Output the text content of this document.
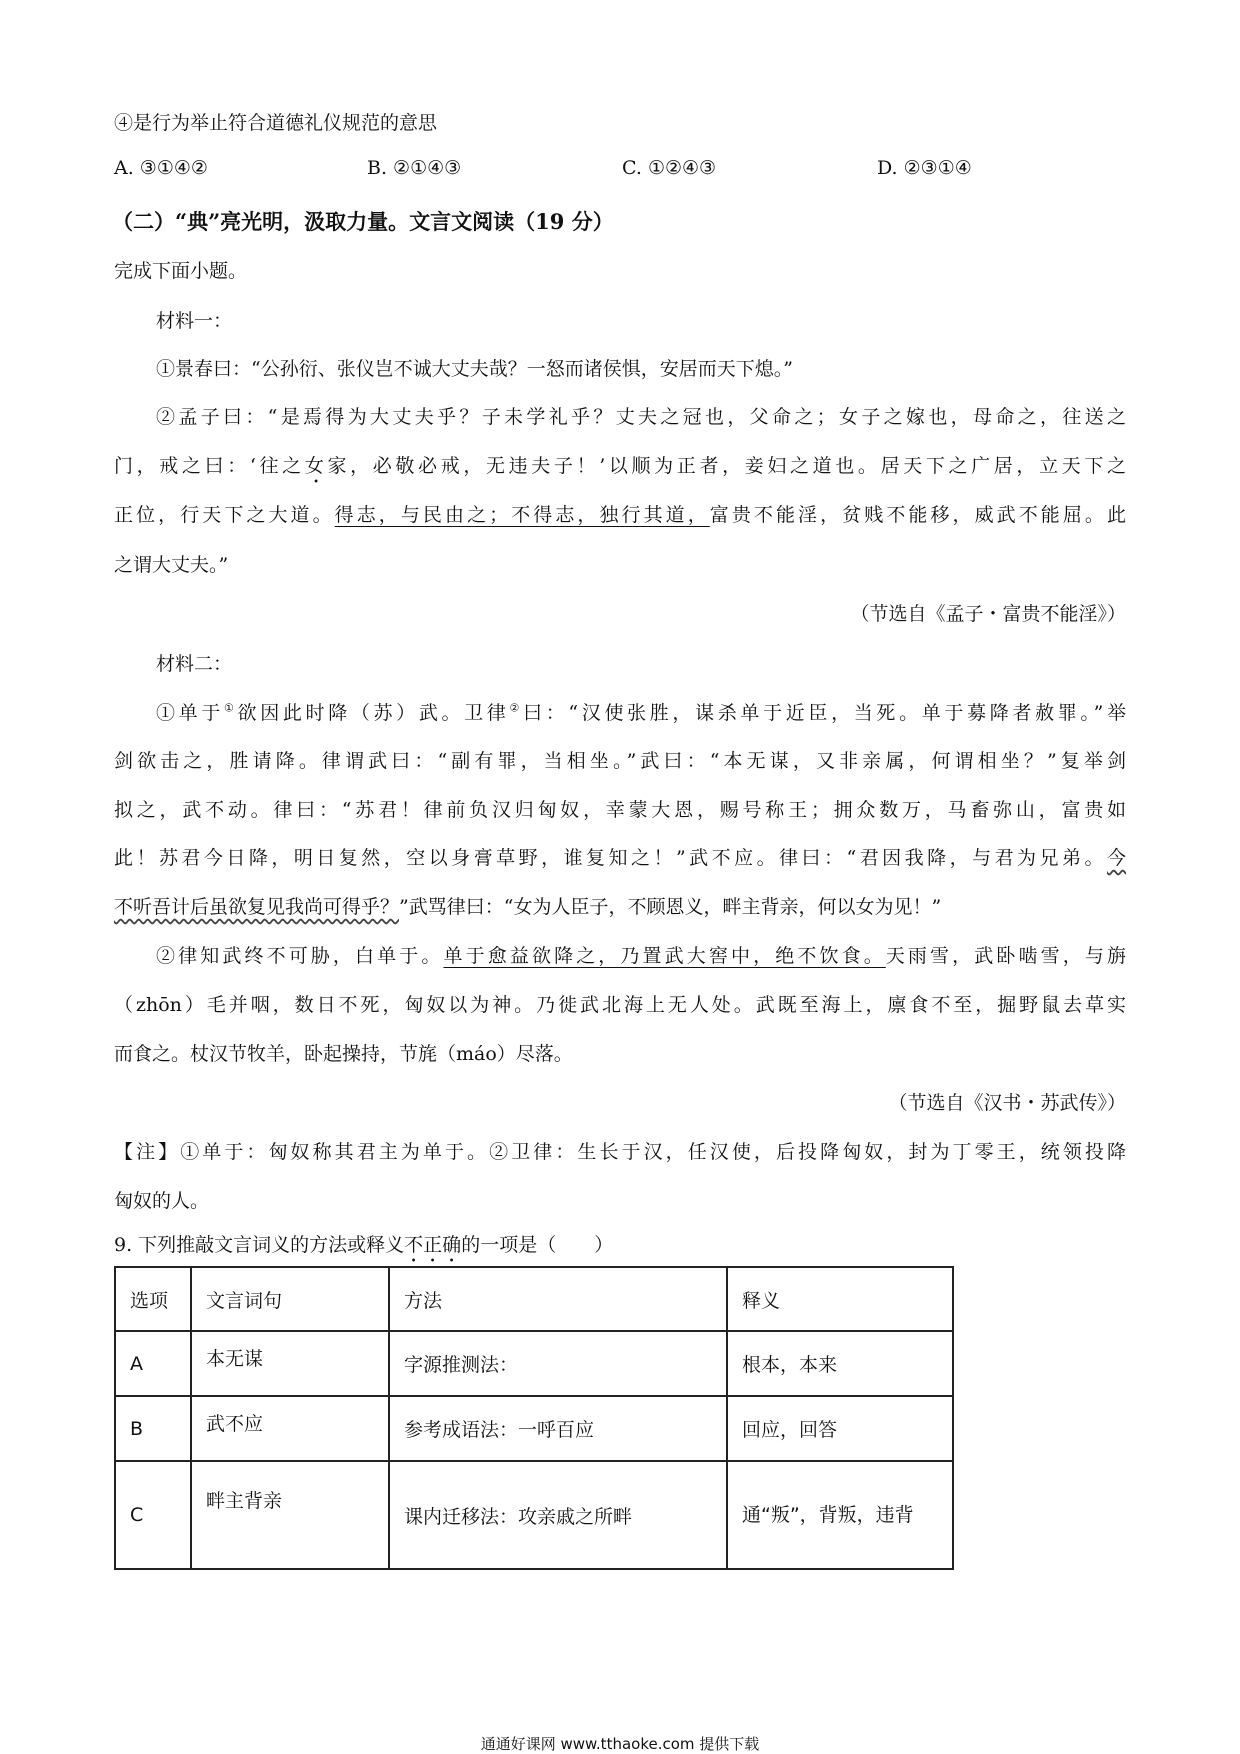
④是行为举止符合道德礼仪规范的意思
A. ③①④②	B. ②①④③	C. ①②④③	D. ②③①④
（二）“典”亮光明，汲取力量。文言文阅读（19 分）
完成下面小题。
材料一：
①景春曰：“公孙衍、张仪岂不诚大丈夫哉？一怒而诸侯惧，安居而天下熄。”
②孟子曰：“是焉得为大丈夫乎？子未学礼乎？丈夫之冠也，父命之；女子之嫁也，母命之，往送之
门，戒之曰：‘往之女家，必敬必戒，无违夫子！’以顺为正者，妾妇之道也。居天下之广居，立天下之
正位，行天下之大道。得志，与民由之；不得志，独行其道，富贵不能淫，贫贱不能移，威武不能屈。此
之谓大丈夫。”
（节选自《孟子・富贵不能淫》）
材料二：
①单于①欲因此时降（苏）武。卫律②曰：“汉使张胜，谋杀单于近臣，当死。单于募降者赦罪。”举
剑欲击之，胜请降。律谓武曰：“副有罪，当相坐。”武曰：“本无谋，又非亲属，何谓相坐？”复举剑
拟之，武不动。律曰：“苏君！律前负汉归匈奴，幸蒙大恩，赐号称王；拥众数万，马畜弥山，富贵如
此！苏君今日降，明日复然，空以身膏草野，谁复知之！”武不应。律曰：“君因我降，与君为兄弟。今
不听吾计后虽欲复见我尚可得乎？”武骂律曰：“女为人臣子，不顾恩义，畔主背亲，何以女为见！”
②律知武终不可胁，白单于。单于愈益欲降之，乃置武大窖中，绝不饮食。天雨雪，武卧啮雪，与旃
（zhōn）毛并咽，数日不死，匈奴以为神。乃徙武北海上无人处。武既至海上，廪食不至，掘野鼠去草实
而食之。杖汉节牧羊，卧起操持，节旄（máo）尽落。
（节选自《汉书・苏武传》）
【注】①单于：匈奴称其君主为单于。②卫律：生长于汉，任汉使，后投降匈奴，封为丁零王，统领投降
匈奴的人。
9. 下列推敲文言词义的方法或释义不正确的一项是（　　）
选项	文言词句	方法	释义
A	本无谋	字源推测法：	根本，本来
B	武不应	参考成语法：一呼百应	回应，回答
C	畔主背亲	课内迁移法：攻亲戚之所畔	通“叛”，背叛，违背
通通好课网 www.tthaoke.com 提供下载
